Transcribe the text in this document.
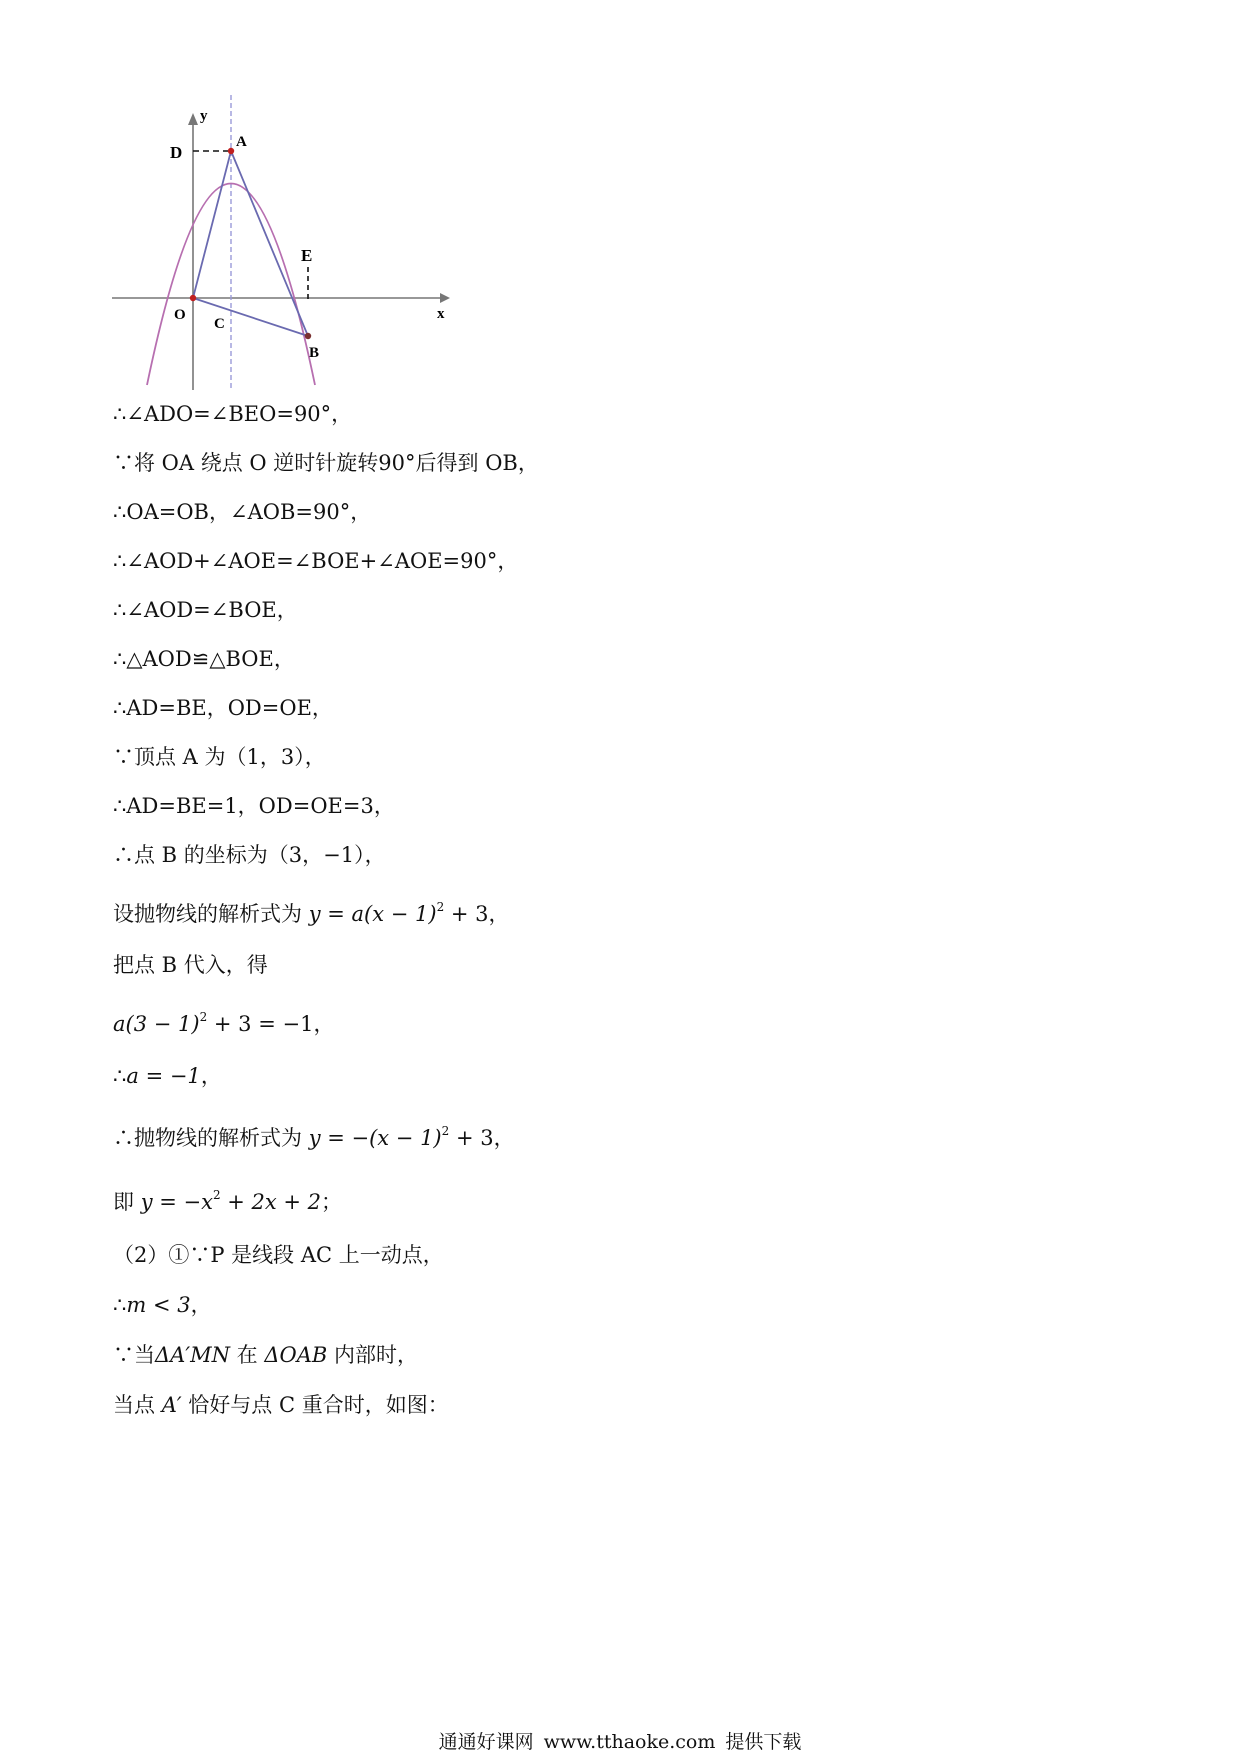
y
x
A
D
E
O
C
B
∴∠ADO=∠BEO=90°，
∵将 OA 绕点 O 逆时针旋转90°后得到 OB，
∴OA=OB，∠AOB=90°，
∴∠AOD+∠AOE=∠BOE+∠AOE=90°，
∴∠AOD=∠BOE，
∴△AOD≌△BOE，
∴AD=BE，OD=OE，
∵顶点 A 为（1，3），
∴AD=BE=1，OD=OE=3，
∴点 B 的坐标为（3，−1），
设抛物线的解析式为 $y = a(x - 1)^2 + 3$，
把点 B 代入，得
$a(3 - 1)^2 + 3 = -1$，
∴a = −1，
∴抛物线的解析式为 $y = -(x - 1)^2 + 3$，
即 $y = -x^2 + 2x + 2$；
（2）①∵P 是线段 AC 上一动点，
∴m < 3，
∵当ΔA′MN 在 ΔOAB 内部时，
当点 A′ 恰好与点 C 重合时，如图：
通通好课网 www.tthaoke.com 提供下载
